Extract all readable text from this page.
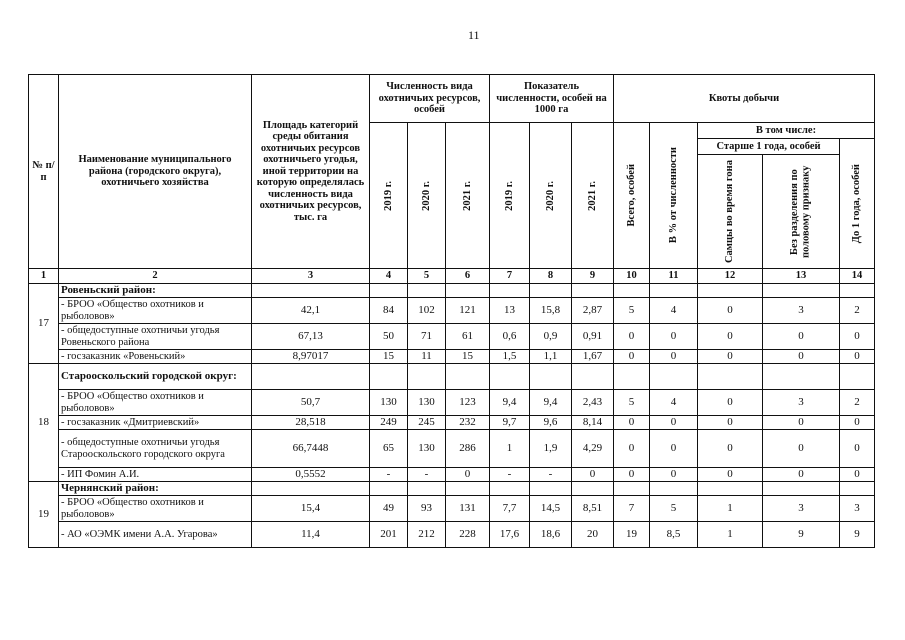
11
№ п/п	Наименование муниципального района (городского округа), охотничьего хозяйства	Площадь категорий среды обитания охотничьих ресурсов охотничьего угодья, иной территории на которую определялась численность вида охотничьих ресурсов, тыс. га	Численность вида охотничьих ресурсов, особей			Показатель численности, особей на 1000 га			Квоты добычи				

			2019 г.	2020 г.	2021 г.	2019 г.	2020 г.	2021 г.	Всего, особей	В % от численности	В том числе:		
											Старше 1 года, особей		До 1 года, особей

											Самцы во время гона	Без разделения по половому признаку	

1	2	3	4	5	6	7	8	9	10	11	12	13	14
17	Ровеньский район:												
	- БРОО «Общество охотников и рыболовов»	42,1	84	102	121	13	15,8	2,87	5	4	0	3	2
	- общедоступные охотничьи угодья Ровеньского района	67,13	50	71	61	0,6	0,9	0,91	0	0	0	0	0
	- госзаказник «Ровеньский»	8,97017	15	11	15	1,5	1,1	1,67	0	0	0	0	0
18	Старооскольский городской округ:												
	- БРОО «Общество охотников и рыболовов»	50,7	130	130	123	9,4	9,4	2,43	5	4	0	3	2
	- госзаказник «Дмитриевский»	28,518	249	245	232	9,7	9,6	8,14	0	0	0	0	0
	- общедоступные охотничьи угодья Старооскольского городского округа	66,7448	65	130	286	1	1,9	4,29	0	0	0	0	0
	- ИП Фомин А.И.	0,5552	-	-	0	-	-	0	0	0	0	0	0
19	Чернянский район:												
	- БРОО «Общество охотников и рыболовов»	15,4	49	93	131	7,7	14,5	8,51	7	5	1	3	3
	- АО «ОЭМК имени А.А. Угарова»	11,4	201	212	228	17,6	18,6	20	19	8,5	1	9	9
